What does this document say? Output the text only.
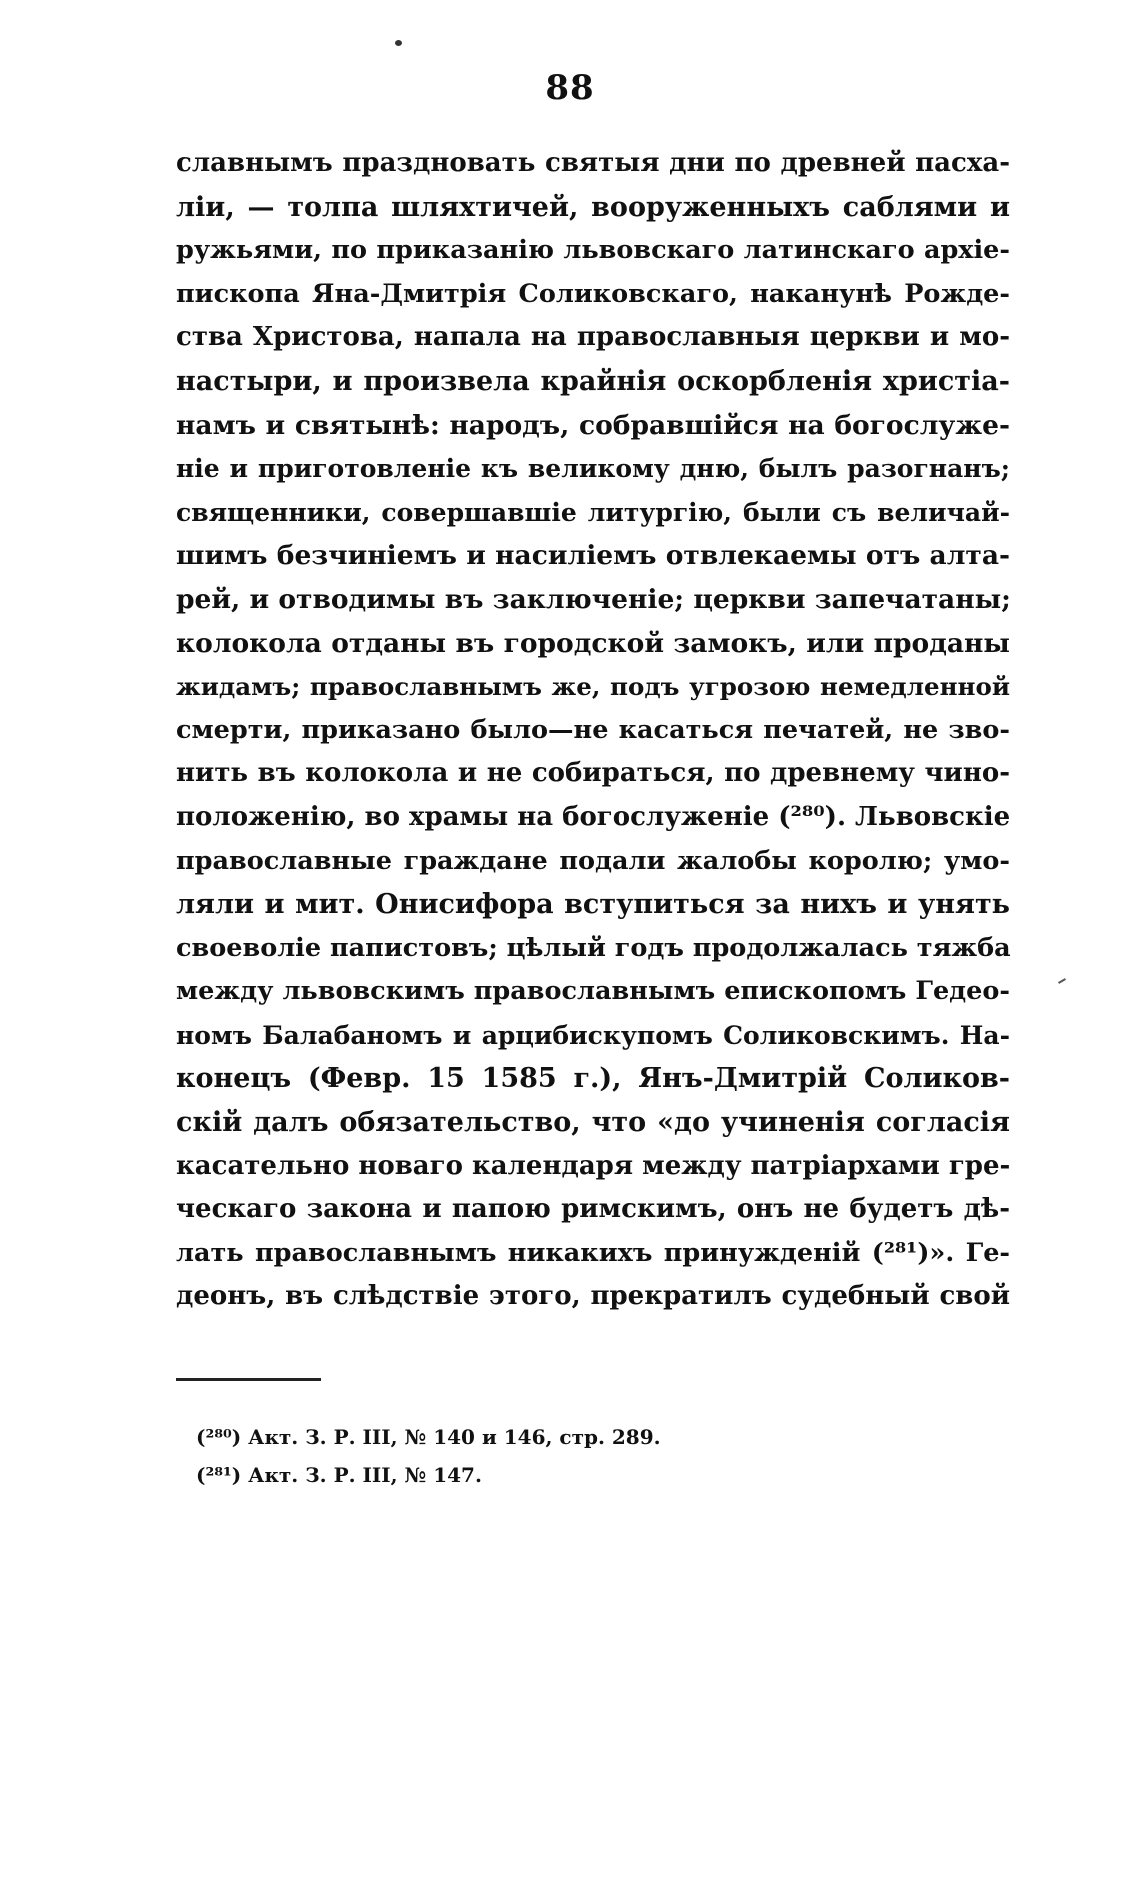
88
славнымъ праздновать святыя дни по древней пасха-
ліи, — толпа шляхтичей, вооруженныхъ саблями и
ружьями, по приказанію львовскаго латинскаго архіе-
пископа Яна-Дмитрія Соликовскаго, наканунѣ Рожде-
ства Христова, напала на православныя церкви и мо-
настыри, и произвела крайнія оскорбленія христіа-
намъ и святынѣ: народъ, собравшійся на богослуже-
ніе и приготовленіе къ великому дню, былъ разогнанъ;
священники, совершавшіе литургію, были съ величай-
шимъ безчиніемъ и насиліемъ отвлекаемы отъ алта-
рей, и отводимы въ заключеніе; церкви запечатаны;
колокола отданы въ городской замокъ, или проданы
жидамъ; православнымъ же, подъ угрозою немедленной
смерти, приказано было—не касаться печатей, не зво-
нить въ колокола и не собираться, по древнему чино-
положенію, во храмы на богослуженіе (²⁸⁰). Львовскіе
православные граждане подали жалобы королю; умо-
ляли и мит. Онисифора вступиться за нихъ и унять
своеволіе папистовъ; цѣлый годъ продолжалась тяжба
между львовскимъ православнымъ епископомъ Гедео-
номъ Балабаномъ и арцибискупомъ Соликовскимъ. На-
конецъ (Февр. 15 1585 г.), Янъ-Дмитрій Соликов-
скій далъ обязательство, что «до учиненія согласія
касательно новаго календаря между патріархами гре-
ческаго закона и папою римскимъ, онъ не будетъ дѣ-
лать православнымъ никакихъ принужденій (²⁸¹)». Ге-
деонъ, въ слѣдствіе этого, прекратилъ судебный свой
(²⁸⁰) Акт. З. Р. III, № 140 и 146, стр. 289.
(²⁸¹) Акт. З. Р. III, № 147.
